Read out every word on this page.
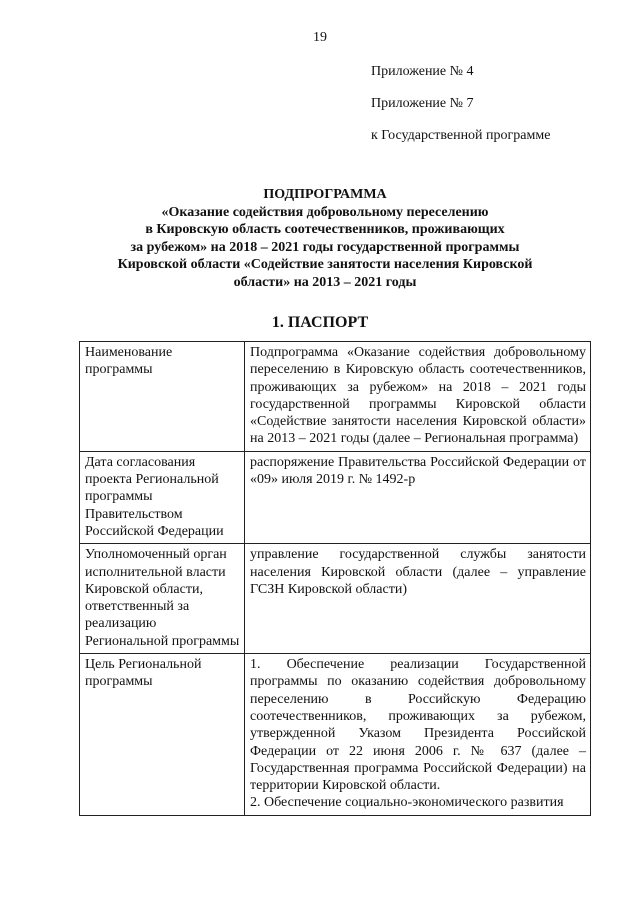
19
Приложение № 4
Приложение № 7
к Государственной программе
ПОДПРОГРАММА
«Оказание содействия добровольному переселению
в Кировскую область соотечественников, проживающих
за рубежом» на 2018 – 2021 годы государственной программы
Кировской области «Содействие занятости населения Кировской
области» на 2013 – 2021 годы
1. ПАСПОРТ
Наименование программы	Подпрограмма «Оказание содействия добровольному переселению в Кировскую область соотечественников, проживающих за рубежом» на 2018 – 2021 годы государственной программы Кировской области «Содействие занятости населения Кировской области» на 2013 – 2021 годы (далее – Региональная программа)
Дата согласования проекта Региональной программы Правительством Российской Федерации	распоряжение Правительства Российской Федерации от «09» июля 2019 г. № 1492-р
Уполномоченный орган исполнительной власти Кировской области, ответственный за реализацию Региональной программы	управление государственной службы занятости населения Кировской области (далее – управление ГСЗН Кировской области)
Цель Региональной программы	1. Обеспечение реализации Государственной программы по оказанию содействия добровольному переселению в Российскую Федерацию соотечественников, проживающих за рубежом, утвержденной Указом Президента Российской Федерации от 22 июня 2006 г. № 637 (далее – Государственная программа Российской Федерации) на территории Кировской области.
2. Обеспечение социально-экономического развития
